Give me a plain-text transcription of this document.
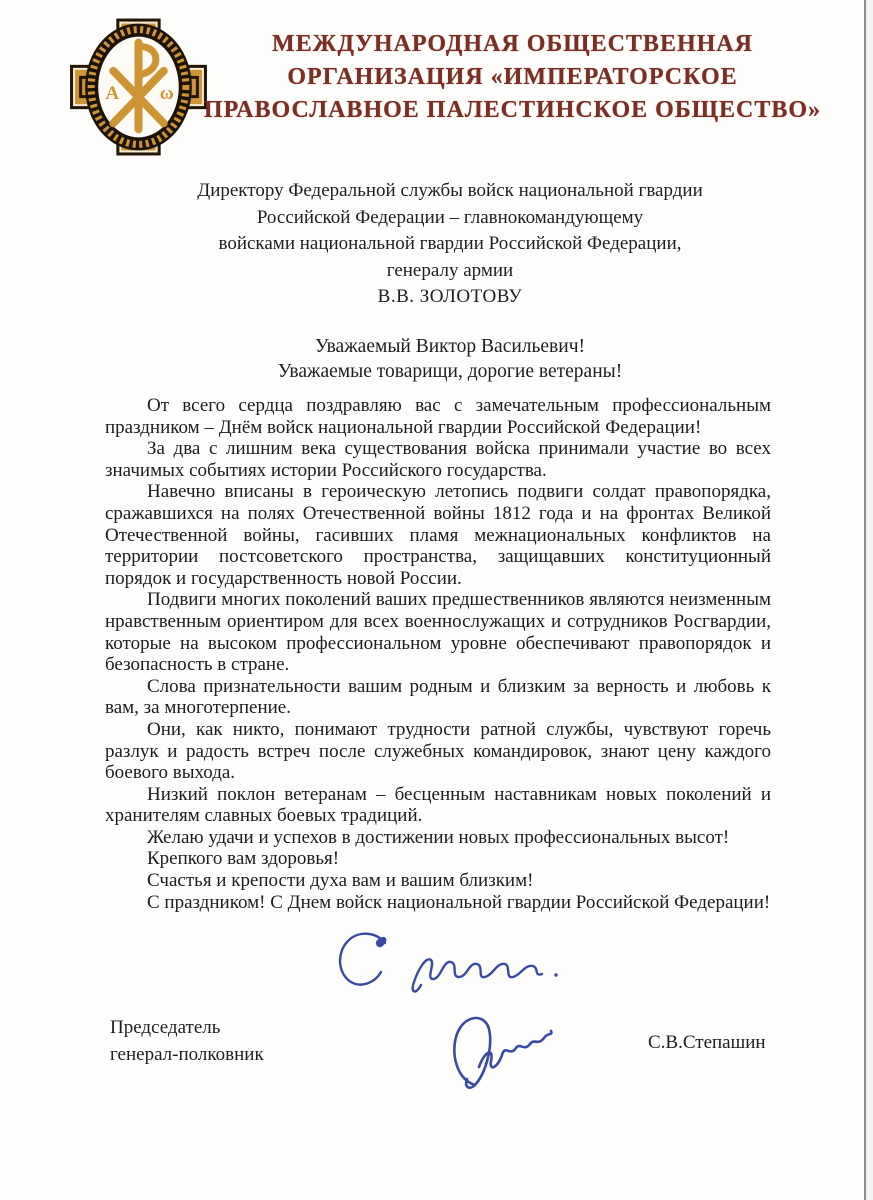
А ω
МЕЖДУНАРОДНАЯ ОБЩЕСТВЕННАЯ
ОРГАНИЗАЦИЯ «ИМПЕРАТОРСКОЕ
ПРАВОСЛАВНОЕ ПАЛЕСТИНСКОЕ ОБЩЕСТВО»
Директору Федеральной службы войск национальной гвардии
Российской Федерации – главнокомандующему
войсками национальной гвардии Российской Федерации,
генералу армии
В.В. ЗОЛОТОВУ
Уважаемый Виктор Васильевич!
Уважаемые товарищи, дорогие ветераны!

От всего сердца поздравляю вас с замечательным профессиональным праздником – Днём войск национальной гвардии Российской Федерации!

За два с лишним века существования войска принимали участие во всех значимых событиях истории Российского государства.

Навечно вписаны в героическую летопись подвиги солдат правопорядка, сражавшихся на полях Отечественной войны 1812 года и на фронтах Великой Отечественной войны, гасивших пламя межнациональных конфликтов на территории постсоветского пространства, защищавших конституционный порядок и государственность новой России.

Подвиги многих поколений ваших предшественников являются неизменным нравственным ориентиром для всех военнослужащих и сотрудников Росгвардии, которые на высоком профессиональном уровне обеспечивают правопорядок и безопасность в стране.

Слова признательности вашим родным и близким за верность и любовь к вам, за многотерпение.

Они, как никто, понимают трудности ратной службы, чувствуют горечь разлук и радость встреч после служебных командировок, знают цену каждого боевого выхода.

Низкий поклон ветеранам – бесценным наставникам новых поколений и хранителям славных боевых традиций.

Желаю удачи и успехов в достижении новых профессиональных высот!

Крепкого вам здоровья!

Счастья и крепости духа вам и вашим близким!

С праздником! С Днем войск национальной гвардии Российской Федерации!

Председатель
генерал-полковник
С.В.Степашин
